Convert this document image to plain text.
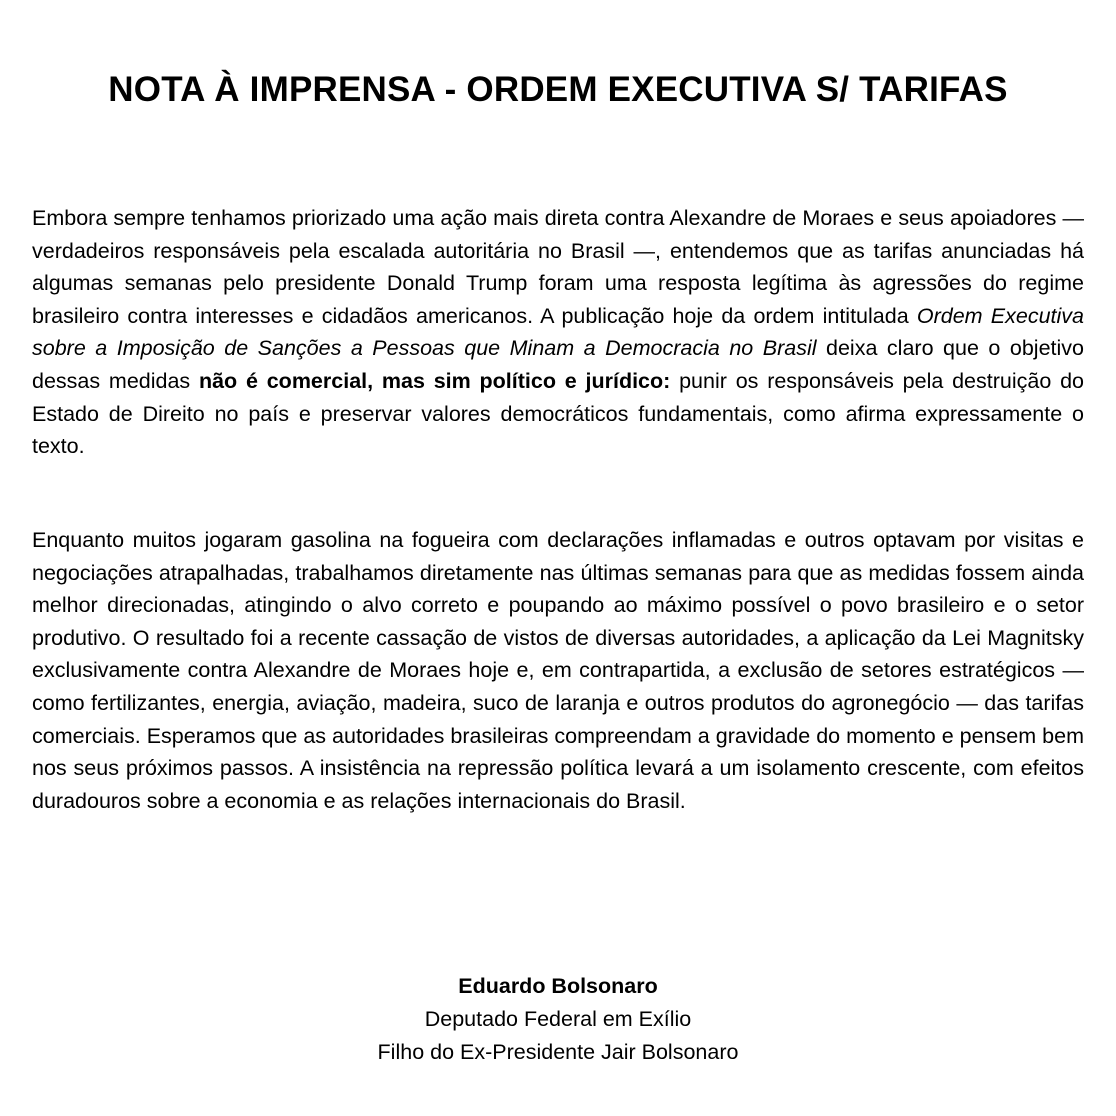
NOTA À IMPRENSA - ORDEM EXECUTIVA S/ TARIFAS

Embora sempre tenhamos priorizado uma ação mais direta contra Alexandre de Moraes e seus apoiadores — verdadeiros responsáveis pela escalada autoritária no Brasil —, entendemos que as tarifas anunciadas há algumas semanas pelo presidente Donald Trump foram uma resposta legítima às agressões do regime brasileiro contra interesses e cidadãos americanos. A publicação hoje da ordem intitulada Ordem Executiva sobre a Imposição de Sanções a Pessoas que Minam a Democracia no Brasil deixa claro que o objetivo dessas medidas não é comercial, mas sim político e jurídico: punir os responsáveis pela destruição do Estado de Direito no país e preservar valores democráticos fundamentais, como afirma expressamente o texto.

Enquanto muitos jogaram gasolina na fogueira com declarações inflamadas e outros optavam por visitas e negociações atrapalhadas, trabalhamos diretamente nas últimas semanas para que as medidas fossem ainda melhor direcionadas, atingindo o alvo correto e poupando ao máximo possível o povo brasileiro e o setor produtivo. O resultado foi a recente cassação de vistos de diversas autoridades, a aplicação da Lei Magnitsky exclusivamente contra Alexandre de Moraes hoje e, em contrapartida, a exclusão de setores estratégicos — como fertilizantes, energia, aviação, madeira, suco de laranja e outros produtos do agronegócio — das tarifas comerciais. Esperamos que as autoridades brasileiras compreendam a gravidade do momento e pensem bem nos seus próximos passos. A insistência na repressão política levará a um isolamento crescente, com efeitos duradouros sobre a economia e as relações internacionais do Brasil.

Eduardo Bolsonaro
Deputado Federal em Exílio
Filho do Ex-Presidente Jair Bolsonaro
